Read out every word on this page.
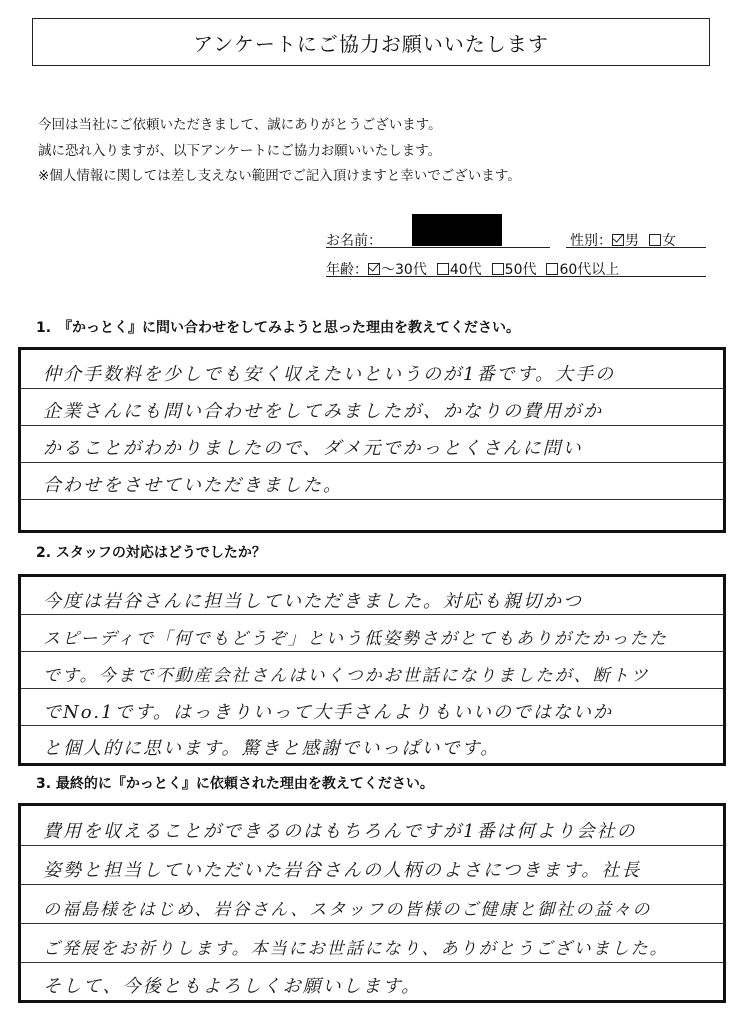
アンケートにご協力お願いいたします
今回は当社にご依頼いただきまして、誠にありがとうございます。
誠に恐れ入りますが、以下アンケートにご協力お願いいたします。
※個人情報に関しては差し支えない範囲でご記入頂けますと幸いでございます。
お名前：	性別： 男 女
年齢： ～30代 40代 50代 60代以上
1.　『かっとく』に問い合わせをしてみようと思った理由を教えてください。
仲介手数料を少しでも安く収えたいというのが1番です。大手の
企業さんにも問い合わせをしてみましたが、かなりの費用がか
かることがわかりましたので、ダメ元でかっとくさんに問い
合わせをさせていただきました。
2. スタッフの対応はどうでしたか？
今度は岩谷さんに担当していただきました。対応も親切かつ
スピーディで「何でもどうぞ」という低姿勢さがとてもありがたかったた
です。今まで不動産会社さんはいくつかお世話になりましたが、断トツ
でNo.1です。はっきりいって大手さんよりもいいのではないか
と個人的に思います。驚きと感謝でいっぱいです。
3. 最終的に『かっとく』に依頼された理由を教えてください。
費用を収えることができるのはもちろんですが1番は何より会社の
姿勢と担当していただいた岩谷さんの人柄のよさにつきます。社長
の福島様をはじめ、岩谷さん、スタッフの皆様のご健康と御社の益々の
ご発展をお祈りします。本当にお世話になり、ありがとうございました。
そして、今後ともよろしくお願いします。
